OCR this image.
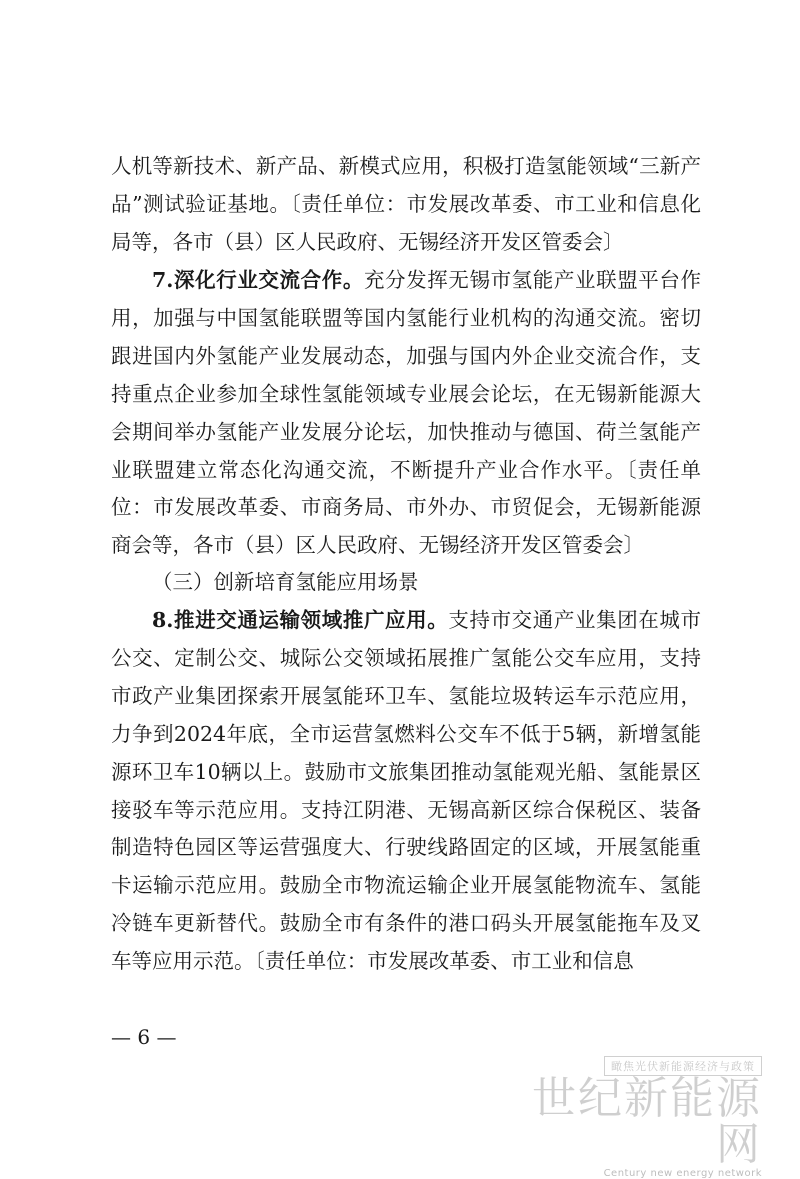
人机等新技术、新产品、新模式应用，积极打造氢能领域“三新产品”测试验证基地。〔责任单位：市发展改革委、市工业和信息化局等，各市（县）区人民政府、无锡经济开发区管委会〕

7.深化行业交流合作。充分发挥无锡市氢能产业联盟平台作用，加强与中国氢能联盟等国内氢能行业机构的沟通交流。密切跟进国内外氢能产业发展动态，加强与国内外企业交流合作，支持重点企业参加全球性氢能领域专业展会论坛，在无锡新能源大会期间举办氢能产业发展分论坛，加快推动与德国、荷兰氢能产业联盟建立常态化沟通交流，不断提升产业合作水平。〔责任单位：市发展改革委、市商务局、市外办、市贸促会，无锡新能源商会等，各市（县）区人民政府、无锡经济开发区管委会〕

（三）创新培育氢能应用场景

8.推进交通运输领域推广应用。支持市交通产业集团在城市公交、定制公交、城际公交领域拓展推广氢能公交车应用，支持市政产业集团探索开展氢能环卫车、氢能垃圾转运车示范应用，力争到2024年底，全市运营氢燃料公交车不低于5辆，新增氢能源环卫车10辆以上。鼓励市文旅集团推动氢能观光船、氢能景区接驳车等示范应用。支持江阴港、无锡高新区综合保税区、装备制造特色园区等运营强度大、行驶线路固定的区域，开展氢能重卡运输示范应用。鼓励全市物流运输企业开展氢能物流车、氢能冷链车更新替代。鼓励全市有条件的港口码头开展氢能拖车及叉车等应用示范。〔责任单位：市发展改革委、市工业和信息

— 6 —
瞰焦光伏新能源经济与政策
世纪新能源网
Century new energy network
